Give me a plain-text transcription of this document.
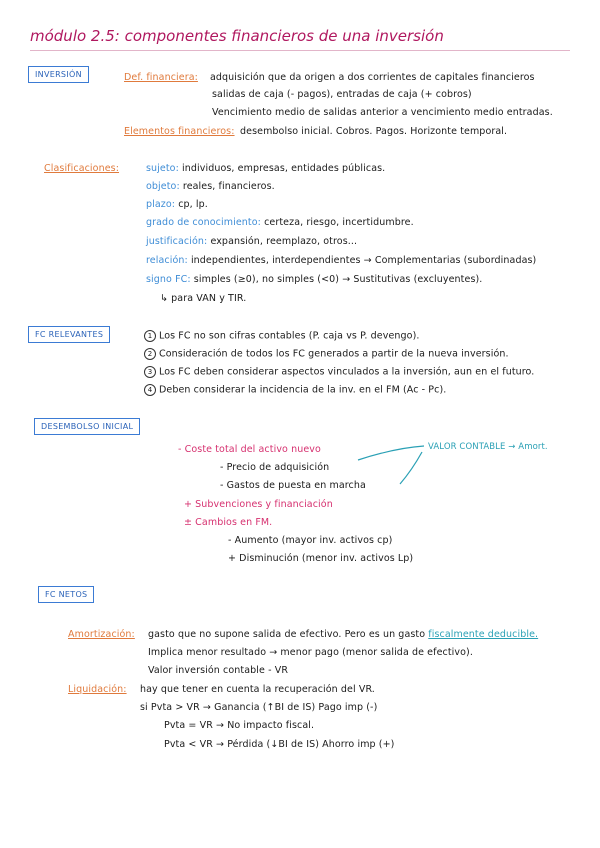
módulo 2.5: componentes financieros de una inversión
INVERSIÓN	Def. financiera: adquisición que da origen a dos corrientes de capitales financieros
salidas de caja (- pagos), entradas de caja (+ cobros)
Vencimiento medio de salidas anterior a vencimiento medio entradas.
Elementos financieros: desembolso inicial. Cobros. Pagos. Horizonte temporal.
Clasificaciones:	sujeto: individuos, empresas, entidades públicas.
objeto: reales, financieros.
plazo: cp, lp.
grado de conocimiento: certeza, riesgo, incertidumbre.
justificación: expansión, reemplazo, otros...
relación: independientes, interdependientes → Complementarias (subordinadas)
signo FC: simples (≥0), no simples (<0) → Sustitutivas (excluyentes).
↳ para VAN y TIR.
FC RELEVANTES	1 Los FC no son cifras contables (P. caja vs P. devengo).
2 Consideración de todos los FC generados a partir de la nueva inversión.
3 Los FC deben considerar aspectos vinculados a la inversión, aun en el futuro.
4 Deben considerar la incidencia de la inv. en el FM (Ac - Pc).
DESEMBOLSO INICIAL
- Coste total del activo nuevo
- Precio de adquisición
- Gastos de puesta en marcha
+ Subvenciones y financiación
± Cambios en FM.
- Aumento (mayor inv. activos cp)
+ Disminución (menor inv. activos Lp)
VALOR CONTABLE → Amort.
FC NETOS
Amortización: gasto que no supone salida de efectivo. Pero es un gasto fiscalmente deducible.
Implica menor resultado → menor pago (menor salida de efectivo).
Valor inversión contable - VR
Liquidación: hay que tener en cuenta la recuperación del VR.
si Pvta > VR → Ganancia (↑BI de IS) Pago imp (-)
Pvta = VR → No impacto fiscal.
Pvta < VR → Pérdida (↓BI de IS) Ahorro imp (+)
